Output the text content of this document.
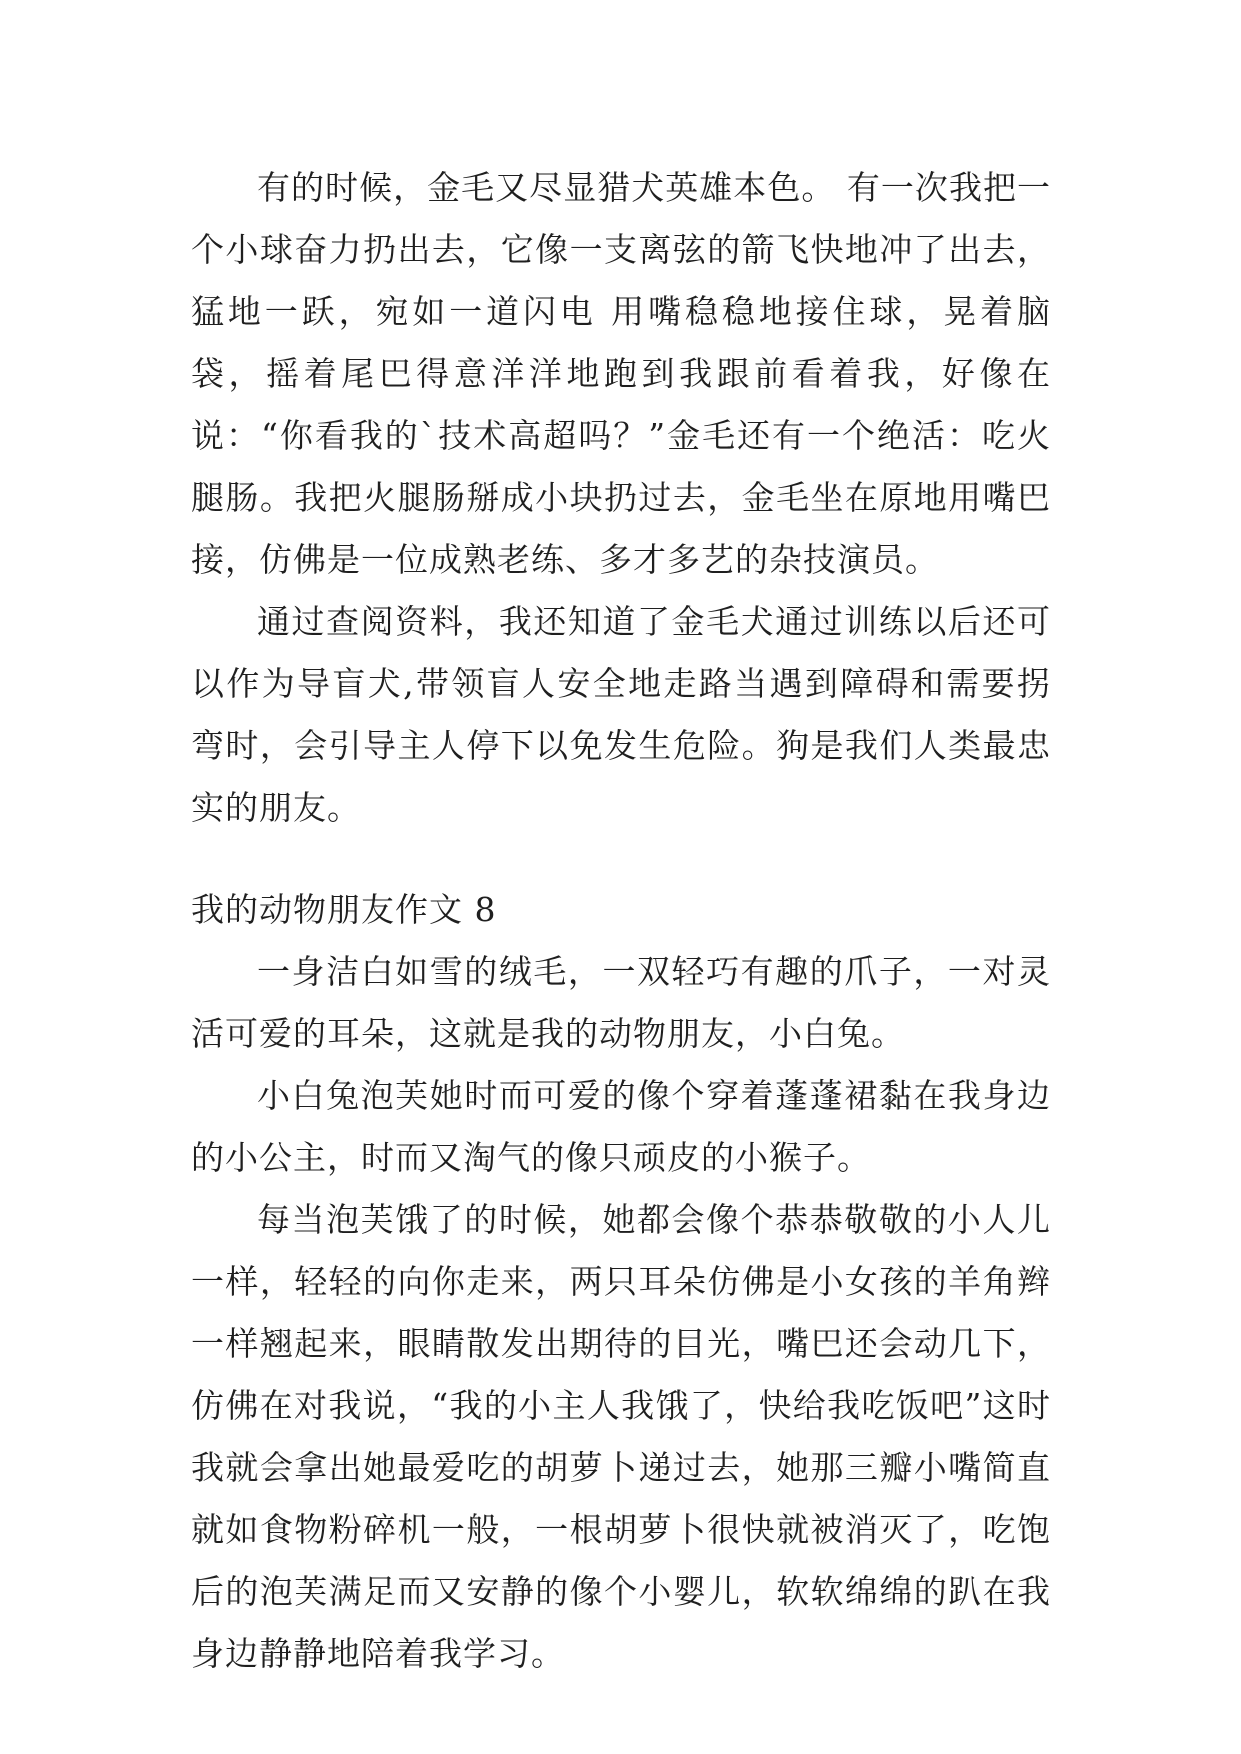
有的时候，金毛又尽显猎犬英雄本色。 有一次我把一个小球奋力扔出去，它像一支离弦的箭飞快地冲了出去，猛地一跃，宛如一道闪电 用嘴稳稳地接住球，晃着脑袋，摇着尾巴得意洋洋地跑到我跟前看着我，好像在说：“你看我的`技术高超吗？”金毛还有一个绝活：吃火腿肠。我把火腿肠掰成小块扔过去，金毛坐在原地用嘴巴接，仿佛是一位成熟老练、多才多艺的杂技演员。

通过查阅资料，我还知道了金毛犬通过训练以后还可以作为导盲犬,带领盲人安全地走路当遇到障碍和需要拐弯时，会引导主人停下以免发生危险。狗是我们人类最忠实的朋友。

我的动物朋友作文 8

一身洁白如雪的绒毛，一双轻巧有趣的爪子，一对灵活可爱的耳朵，这就是我的动物朋友，小白兔。

小白兔泡芙她时而可爱的像个穿着蓬蓬裙黏在我身边的小公主，时而又淘气的像只顽皮的小猴子。

每当泡芙饿了的时候，她都会像个恭恭敬敬的小人儿一样，轻轻的向你走来，两只耳朵仿佛是小女孩的羊角辫一样翘起来，眼睛散发出期待的目光，嘴巴还会动几下，仿佛在对我说，“我的小主人我饿了，快给我吃饭吧”这时我就会拿出她最爱吃的胡萝卜递过去，她那三瓣小嘴简直就如食物粉碎机一般，一根胡萝卜很快就被消灭了，吃饱后的泡芙满足而又安静的像个小婴儿，软软绵绵的趴在我身边静静地陪着我学习。
